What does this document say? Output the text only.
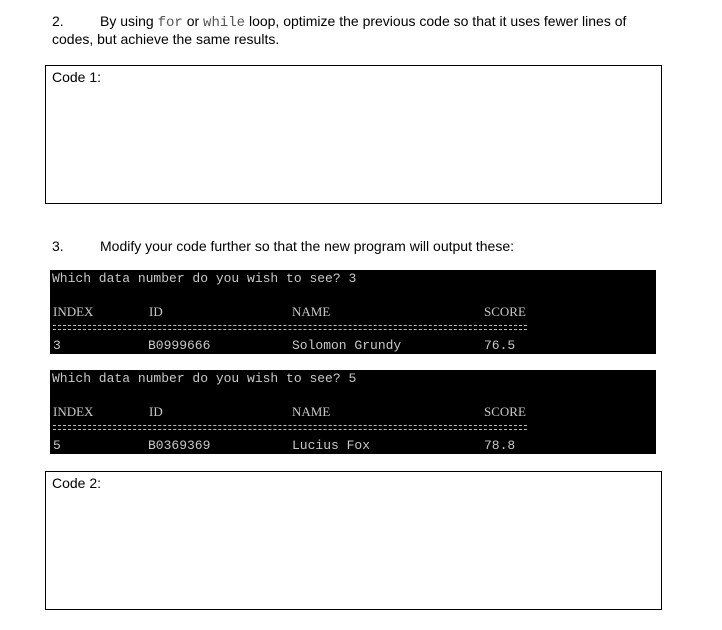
2.	By using for or while loop, optimize the previous code so that it uses fewer lines of
codes, but achieve the same results.
Code 1:
3.	Modify your code further so that the new program will output these:
Which data number do you wish to see? 3
INDEX	ID	NAME	SCORE
3	B0999666	Solomon Grundy	76.5
Which data number do you wish to see? 5
INDEX	ID	NAME	SCORE
5	B0369369	Lucius Fox	78.8
Code 2:
